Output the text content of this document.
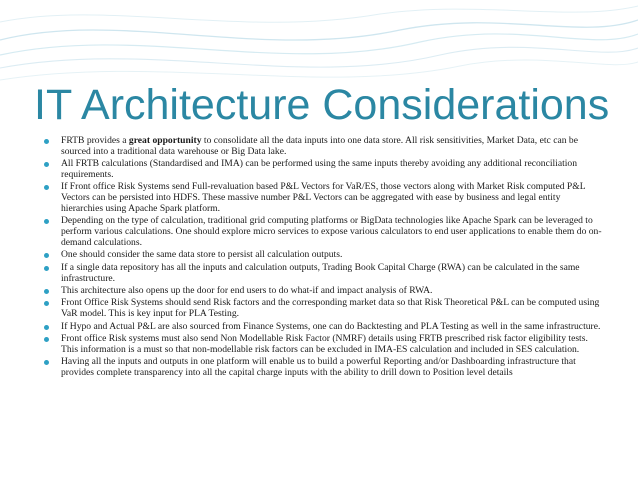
IT Architecture Considerations
FRTB provides a great opportunity to consolidate all the data inputs into one data store. All risk sensitivities, Market Data, etc can be sourced into a traditional data warehouse or Big Data lake.
All FRTB calculations (Standardised and IMA) can be performed using the same inputs thereby avoiding any additional reconciliation requirements.
If Front office Risk Systems send Full-revaluation based P&L Vectors for VaR/ES, those vectors along with Market Risk computed P&L Vectors can be persisted into HDFS. These massive number P&L Vectors can be aggregated with ease by business and legal entity hierarchies using Apache Spark platform.
Depending on the type of calculation, traditional grid computing platforms or BigData technologies like Apache Spark can be leveraged to perform various calculations. One should explore micro services to expose various calculators to end user applications to enable them do on-demand calculations.
One should consider the same data store to persist all calculation outputs.
If a single data repository has all the inputs and calculation outputs, Trading Book Capital Charge (RWA) can be calculated in the same infrastructure.
This architecture also opens up the door for end users to do what-if and impact analysis of RWA.
Front Office Risk Systems should send Risk factors and the corresponding market data so that Risk Theoretical P&L can be computed using VaR model. This is key input for PLA Testing.
If Hypo and Actual P&L are also sourced from Finance Systems, one can do Backtesting and PLA Testing as well in the same infrastructure.
Front office Risk systems must also send Non Modellable Risk Factor (NMRF) details using FRTB prescribed risk factor eligibility tests. This information is a must so that non-modellable risk factors can be excluded in IMA-ES calculation and included in SES calculation.
Having all the inputs and outputs in one platform will enable us to build a powerful Reporting and/or Dashboarding infrastructure that provides complete transparency into all the capital charge inputs with the ability to drill down to Position level details
